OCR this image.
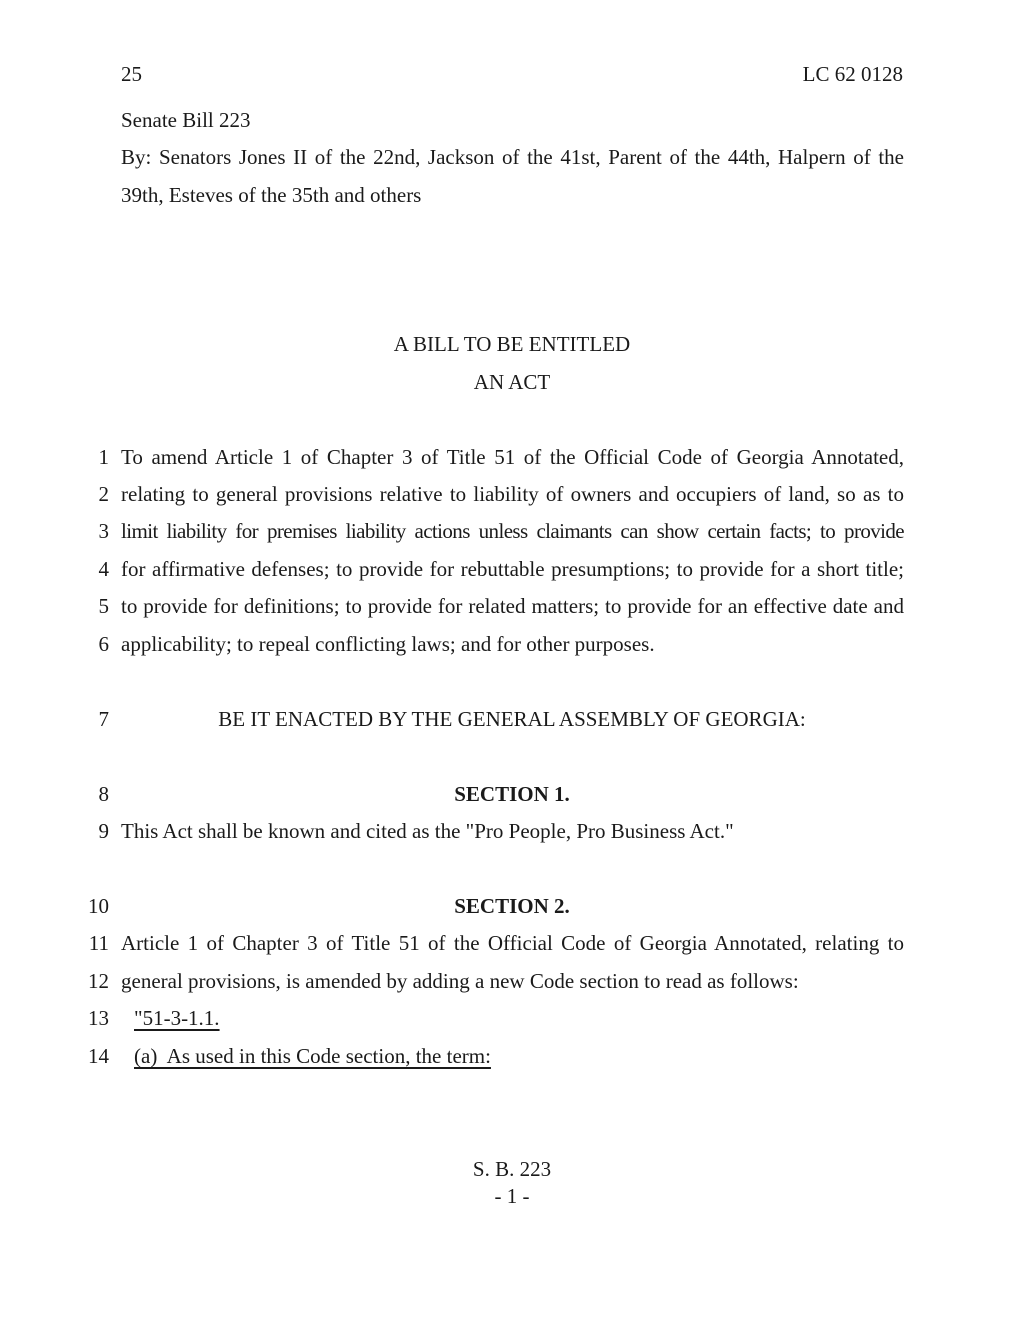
25	LC 62 0128
Senate Bill 223
By: Senators Jones II of the 22nd, Jackson of the 41st, Parent of the 44th, Halpern of the
39th, Esteves of the 35th and others
A BILL TO BE ENTITLED
AN ACT
1 To amend Article 1 of Chapter 3 of Title 51 of the Official Code of Georgia Annotated,
2 relating to general provisions relative to liability of owners and occupiers of land, so as to
3 limit liability for premises liability actions unless claimants can show certain facts; to provide
4 for affirmative defenses; to provide for rebuttable presumptions; to provide for a short title;
5 to provide for definitions; to provide for related matters; to provide for an effective date and
6 applicability; to repeal conflicting laws; and for other purposes.
7	BE IT ENACTED BY THE GENERAL ASSEMBLY OF GEORGIA:
8	SECTION 1.
9 This Act shall be known and cited as the "Pro People, Pro Business Act."
10	SECTION 2.
11 Article 1 of Chapter 3 of Title 51 of the Official Code of Georgia Annotated, relating to
12 general provisions, is amended by adding a new Code section to read as follows:
13 "51-3-1.1.
14 (a)  As used in this Code section, the term:
S. B. 223
- 1 -
